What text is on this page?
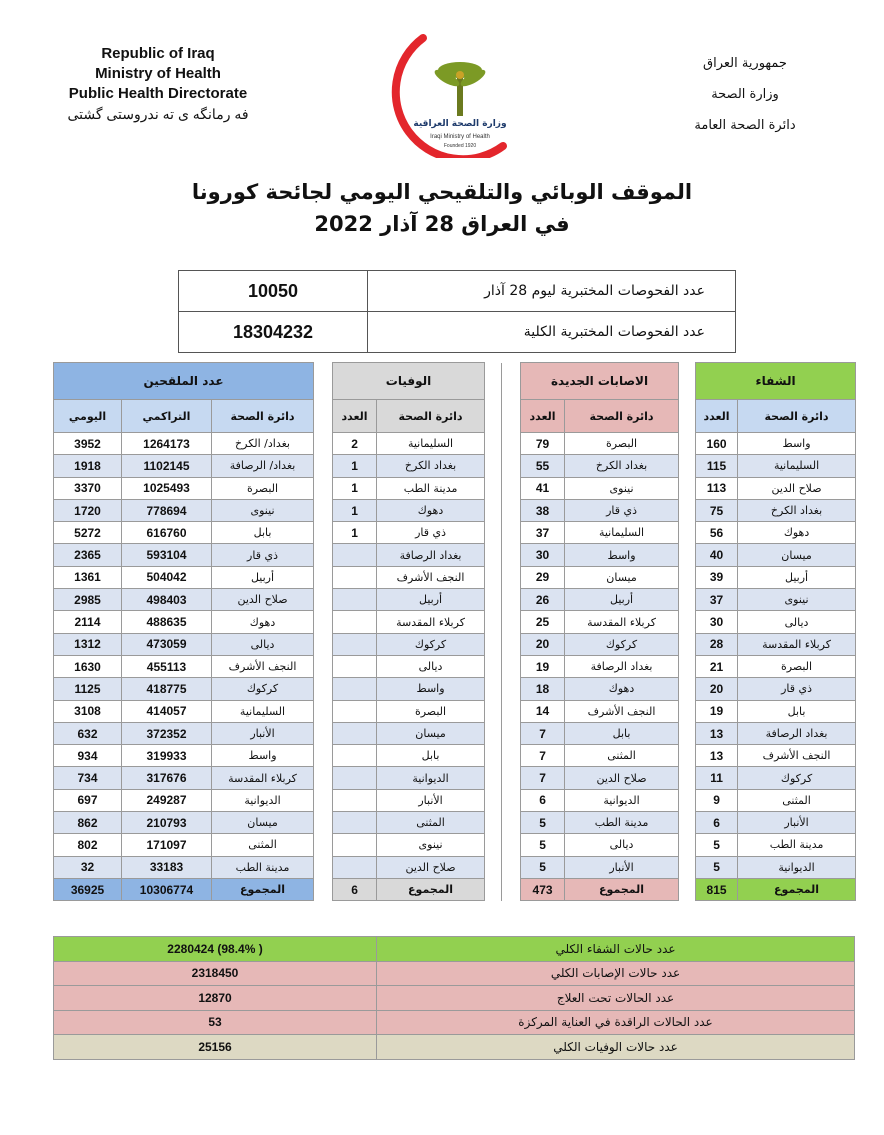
Republic of Iraq
Ministry of Health
Public Health Directorate
فه رمانگه ى ته ندروستى گشتى
جمهورية العراق
وزارة الصحة
دائرة الصحة العامة
وزارة الصحة العراقية
Iraqi Ministry of Health
Founded 1920
الموقف الوبائي والتلقيحي اليومي لجائحة كورونا
في العراق 28 آذار 2022
10050	عدد الفحوصات المختبرية ليوم 28 آذار
18304232	عدد الفحوصات المختبرية الكلية
عدد الملقحين				الوفيات				الاصابات الجديدة			الشفاء	
اليومي	التراكمي	دائرة الصحة		العدد	دائرة الصحة			العدد	دائرة الصحة		العدد	دائرة الصحة
3952	1264173	بغداد/ الكرخ		2	السليمانية			79	البصرة		160	واسط
1918	1102145	بغداد/ الرصافة		1	بغداد الكرخ			55	بغداد الكرخ		115	السليمانية
3370	1025493	البصرة		1	مدينة الطب			41	نينوى		113	صلاح الدين
1720	778694	نينوى		1	دهوك			38	ذي قار		75	بغداد الكرخ
5272	616760	بابل		1	ذي قار			37	السليمانية		56	دهوك
2365	593104	ذي قار			بغداد الرصافة			30	واسط		40	ميسان
1361	504042	أربيل			النجف الأشرف			29	ميسان		39	أربيل
2985	498403	صلاح الدين			أربيل			26	أربيل		37	نينوى
2114	488635	دهوك			كربلاء المقدسة			25	كربلاء المقدسة		30	ديالى
1312	473059	ديالى			كركوك			20	كركوك		28	كربلاء المقدسة
1630	455113	النجف الأشرف			ديالى			19	بغداد الرصافة		21	البصرة
1125	418775	كركوك			واسط			18	دهوك		20	ذي قار
3108	414057	السليمانية			البصرة			14	النجف الأشرف		19	بابل
632	372352	الأنبار			ميسان			7	بابل		13	بغداد الرصافة
934	319933	واسط			بابل			7	المثنى		13	النجف الأشرف
734	317676	كربلاء المقدسة			الديوانية			7	صلاح الدين		11	كركوك
697	249287	الديوانية			الأنبار			6	الديوانية		9	المثنى
862	210793	ميسان			المثنى			5	مدينة الطب		6	الأنبار
802	171097	المثنى			نينوى			5	ديالى		5	مدينة الطب
32	33183	مدينة الطب			صلاح الدين			5	الأنبار		5	الديوانية
36925	10306774	المجموع		6	المجموع			473	المجموع		815	المجموع
2280424 (98.4% )	عدد حالات الشفاء الكلي
2318450	عدد حالات الإصابات الكلي
12870	عدد الحالات تحت العلاج
53	عدد الحالات الراقدة في العناية المركزة
25156	عدد حالات الوفيات الكلي
